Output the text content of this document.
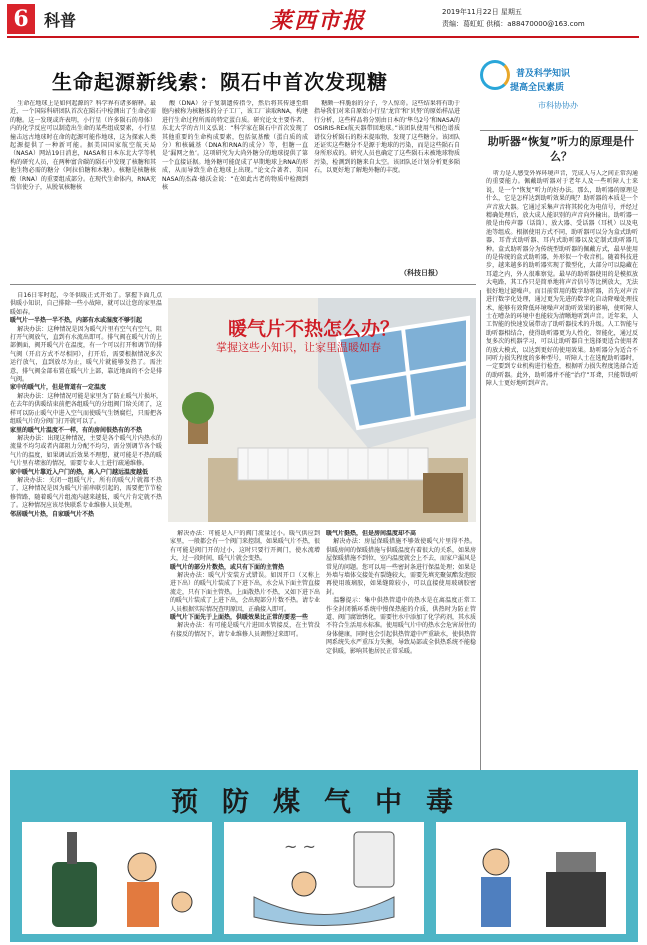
6 科普	莱西市报	2019年11月22日 星期五
责编：葛虹虹 供稿：a88470000@163.com
生命起源新线索：陨石中首次发现糖	普及科学知识
提高全民素质
市科协协办

生命在地球上是如何起源的？科学界有诸多解释。最近，一个国际科研团队首次在陨石中检测出了生命必需的糖。这一发现或许表明，小行星（许多陨石的母体）内的化学反应可以制造出生命的某些组成要素，小行星撞击远古地球时在命的起源可能作地球，这为探索人类起源提供了一种新可能。据美国国家航空航天局（NASA）网站19日消息，NASA和日本东北大学等机构的研究人员，在两种富含碳的陨石中发现了核糖和其他生物必需的糖分（阿拉伯糖和木糖）。核糖是核糖核酸（RNA）的重要组成部分。在现代生命体内，RNA充当信使分子，从脱氧核糖核

酸（DNA）分子复制遗传指令，然后将其传递至细胞内被称为核糖体的分子工厂，该工厂读取RNA，构建进行生命过程所需的特定蛋白质。研究论文主要作者、东北大学的古川义弘说：“科学家在陨石中首次发现了其他重要的生命构成要素，包括氨基酸（蛋白质的成分）和核碱基（DNA和RNA的成分）等，但糖一直是‘漏网之鱼’。这项研究为大尚外糖分的地球提供了第一个直接证据。地外糖可能促成了早期地球上RNA的形成，从而导致生命在地球上出现。”论文合著者、美国NASA的杰森·德沃金说：“在如此古老的物质中检测到核

糖颇一样脆弱的分子，令人惊奇。这些结果将有助于指导我们对来自原始小行星‘龙宫’和‘贝努’的原始样品进行分析，这些样品将分别由日本的‘隼鸟2号’和NASA的OSIRIS-REx航天器带回地球。”该团队使用气相色谱质谱仪分析陨石的粉末提取物，发现了这些糖分。该团队还证实这些糖分不是源于地球的污染，而是这些陨石自身所形成的。研究人员也确定了这些陨石未被地球物质污染，检测到的糖来自太空。该团队还计划分析更多陨石，以更好地了解地外糖的丰度。

（科技日报）
助听器“恢复”听力的原理是什么？

听力是人感受外界环境声音，完成人与人之间正常沟通的重要能力。佩戴助听器对于老年人及一些听障人士来说，是一个“恢复”听力的好办法。那么，助听器的原理是什么，它是怎样达到助听效果的呢？助听器的本质是一个声音放大器。它通过采集声音将其转化为电信号，并经过精确处理后，放大成人能识别的声音向外输出。助听器一般是由传声器（话筒）、放大器、受话器（耳机）以及电池等组成。根据使用方式不同，助听器可以分为盒式助听器、耳背式助听器、耳内式助听器以及定制式助听器几种。盒式助听器分为传统型助听器的佩戴方式，最早使用的是传统的盒式助听器，外形似一个收音机。随着科技进步，越来越多的助听器实现了微型化，大部分可以隐藏在耳道之内，外人很难察觉。最早的助听器使用的是模拟放大电路，其工作只是简单地将声音信号等比例放大，无法很好地过滤噪声。而目前常用的数字助听器，首先对声音进行数字化处理，通过更为先进的数字化自动降噪处理技术，能够有效降低环境噪声对助听效果的影响，使听障人士在嘈杂的环境中也能较为清晰地听到声音。近年来，人工智能的快速发展带动了助听器技术的升级。人工智能与助听器相结合，使得助听器更为人性化、智能化，通过反复多次的机器学习，可以让助听器自主选择更适合使用者的放大模式，以达到更好的使用效果。助听器分为适合不同听力损失程度的多种型号，听障人士在选配助听器时，一定要到专业机构进行检查，根据听力损失程度选择合适的助听器。此外，助听器并不能“治疗”耳聋，只能帮助听障人士更好地听到声音。

自16日零时起，今冬供暖正式开始了。掌握下面几点供暖小知识，自己排除一些小故障，就可以让您的家里温暖如春。

暖气片一半热一半不热，内部有水或湿度不够引起

解决办法：这种情况是因为暖气片里有空气有空气，阻打开气阀放气，直到有水流出即可。排气阀在暖气片的上部侧面，阀开暖气片在温度，有一个可以打开和调节的排气阀（开启方式不尽相同），打开后，需要根据情况多次运行放气，直到放尽为止，暖气片就能够发热了。需注意，排气阀金部布置在暖气片上部，靠近地面的不会是排气阀。

家中的暖气片，但是管道有一定温度

解决办法：这种情况可能是家里为了防止暖气片损坏，在去年的供暖结束前把各组暖气的分组阀门给关闭了，这样可以防止暖气中进入空气而使暖气生锈腐烂，只需把各组暖气片的分阀门打开就可以了。

家里的暖气片温度不一样，有的房间很热有的不热

解决办法：出现这种情况，主要是各个暖气片内热水的流量不均匀或者内部阻力分配不均匀，需分别调节各个暖气片的温度，如果调试后效果不理想，就可能是不热的暖气片里有堵塞的情况，需要专业人士进行疏通维修。

家中暖气片靠近入户门的热，离入户门越远温度越低

解决办法：关闭一组暖气片，所有的暖气片就都不热了，这种情况是因为暖气片前串联引起的，需要把节节检修管路，随着暖气片组流内越来越低，暖气片肯定就不热了。这种情况应该尽快联系专业维修人员处理。

邻居暖气片热，自家暖气片不热

暖气片不热怎么办？
掌握这些小知识，让家里温暖如春

解决办法：可能是入户的阀门流量过小。暖气供应到家里，一般都会有一个阀门来控制，如果暖气片不热，很有可能是阀门开的过小，这时只要行开阀门，使水流增大，过一段时间，暖气片就会变热。

暖气片的部分片数热，或只有下面的主管热

解决办法：暖气片安装方式错误。如因开口（又称上进下出）的暖气片装成了下进下出，水会从下面主管直接流走，只有下面主管热。上面散热片不热，又如下进下出的暖气片装成了上进下出，会出现部分片数不热。请专业人员根据实际情况查明原因，正确接入即可。

暖气片下面先于上面热，供暖效果比正常的要差一些

解决办法：有可能是暖气片进回水管接反，在主管没有接反的情况下，请专业维修人员调整过来即可。

暖气片挺热，但是房间温度却不高

解决办法：房屋保暖措施不够效使暖气片里得不热。供暖房间的保暖措施与供暖温度有着很大的关系，如果房屋保暖措施不到位，室内温度就会上不去，而家户漏风是常见的问题。您可以用一些密封条进行保温处理；如果是外墙与墙体交接处有裂缝较大，需要先填充聚氨酯发泡胶再使用玻璃胶，如果缝隙较小，可以直接使用玻璃胶密封。

温馨提示：集中供热管道中的热水是在离温度正常工作全封闭循环系统中慢保热能的介质，供热时为防止管道、阀门腐蚀锈化，需要往水中添加了化学药剂，其水质不符合生活用水标准。使用暖气片中的热水会危害居住的身体健康，同时也会引起供热管道中严重缺水，使供热管网系统失水严重压力失衡，导致局部或全供热系统不能稳定供暖，影响其他居民正常采暖。

预防煤气中毒
~ ~
